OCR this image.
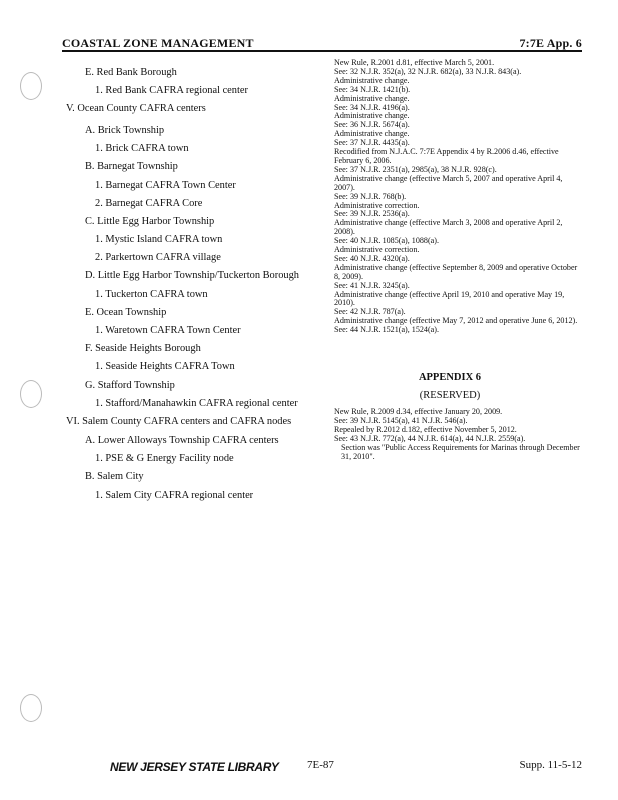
COASTAL ZONE MANAGEMENT	7:7E App. 6
E. Red Bank Borough
1. Red Bank CAFRA regional center
V. Ocean County CAFRA centers
A. Brick Township
1. Brick CAFRA town
B. Barnegat Township
1. Barnegat CAFRA Town Center
2. Barnegat CAFRA Core
C. Little Egg Harbor Township
1. Mystic Island CAFRA town
2. Parkertown CAFRA village
D. Little Egg Harbor Township/Tuckerton Borough
1. Tuckerton CAFRA town
E. Ocean Township
1. Waretown CAFRA Town Center
F. Seaside Heights Borough
1. Seaside Heights CAFRA Town
G. Stafford Township
1. Stafford/Manahawkin CAFRA regional center
VI. Salem County CAFRA centers and CAFRA nodes
A. Lower Alloways Township CAFRA centers
1. PSE & G Energy Facility node
B. Salem City
1. Salem City CAFRA regional center

New Rule, R.2001 d.81, effective March 5, 2001.

See: 32 N.J.R. 352(a), 32 N.J.R. 682(a), 33 N.J.R. 843(a).

Administrative change.

See: 34 N.J.R. 1421(b).

Administrative change.

See: 34 N.J.R. 4196(a).

Administrative change.

See: 36 N.J.R. 5674(a).

Administrative change.

See: 37 N.J.R. 4435(a).

Recodified from N.J.A.C. 7:7E Appendix 4 by R.2006 d.46, effective February 6, 2006.

See: 37 N.J.R. 2351(a), 2985(a), 38 N.J.R. 928(c).

Administrative change (effective March 5, 2007 and operative April 4, 2007).

See: 39 N.J.R. 768(b).

Administrative correction.

See: 39 N.J.R. 2536(a).

Administrative change (effective March 3, 2008 and operative April 2, 2008).

See: 40 N.J.R. 1085(a), 1088(a).

Administrative correction.

See: 40 N.J.R. 4320(a).

Administrative change (effective September 8, 2009 and operative October 8, 2009).

See: 41 N.J.R. 3245(a).

Administrative change (effective April 19, 2010 and operative May 19, 2010).

See: 42 N.J.R. 787(a).

Administrative change (effective May 7, 2012 and operative June 6, 2012).

See: 44 N.J.R. 1521(a), 1524(a).

APPENDIX 6
(RESERVED)

New Rule, R.2009 d.34, effective January 20, 2009.

See: 39 N.J.R. 5145(a), 41 N.J.R. 546(a).

Repealed by R.2012 d.182, effective November 5, 2012.

See: 43 N.J.R. 772(a), 44 N.J.R. 614(a), 44 N.J.R. 2559(a).

Section was "Public Access Requirements for Marinas through December 31, 2010".

NEW JERSEY STATE LIBRARY	7E-87	Supp. 11-5-12
